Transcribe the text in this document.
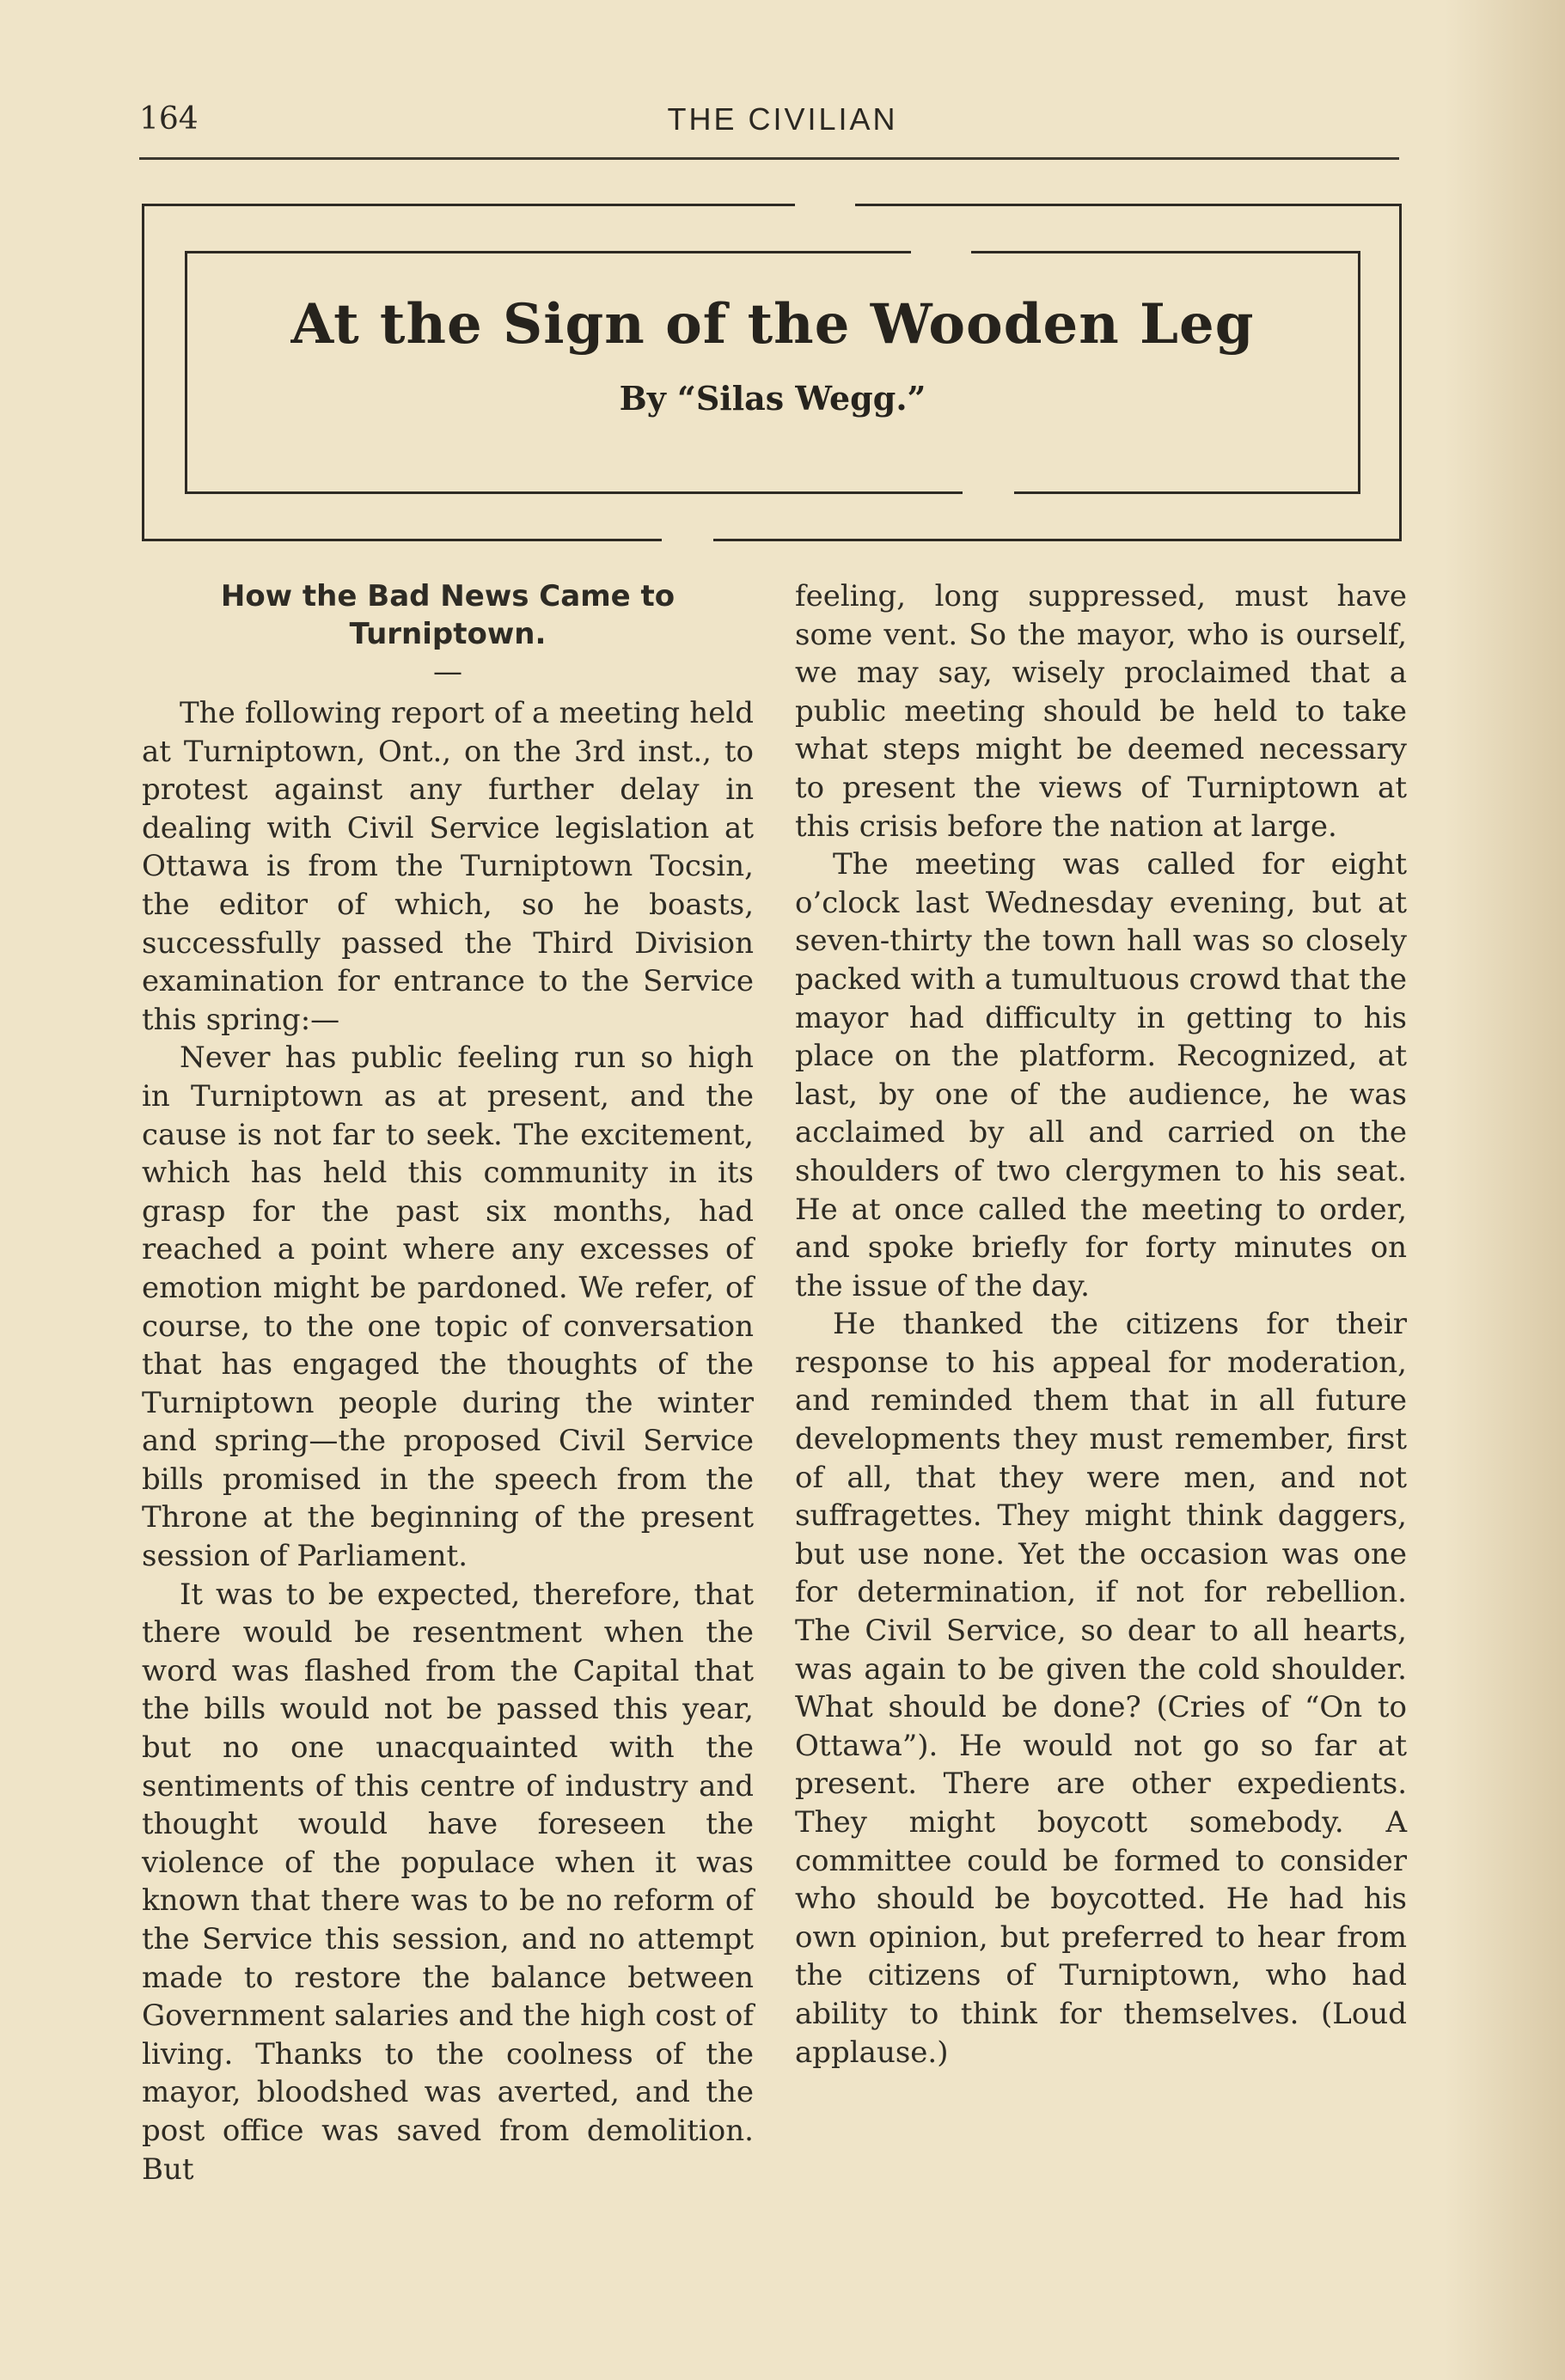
164	THE CIVILIAN
At the Sign of the Wooden Leg
By “Silas Wegg.”
How the Bad News Came to Turniptown.
—

The following report of a meeting held at Turniptown, Ont., on the 3rd inst., to protest against any further delay in dealing with Civil Service legislation at Ottawa is from the Turniptown Tocsin, the editor of which, so he boasts, successfully passed the Third Division examination for entrance to the Service this spring:—

Never has public feeling run so high in Turniptown as at present, and the cause is not far to seek. The excitement, which has held this community in its grasp for the past six months, had reached a point where any excesses of emotion might be pardoned. We refer, of course, to the one topic of conversation that has engaged the thoughts of the Turniptown people during the winter and spring—the proposed Civil Service bills promised in the speech from the Throne at the beginning of the present session of Parliament.

It was to be expected, therefore, that there would be resentment when the word was flashed from the Capital that the bills would not be passed this year, but no one unacquainted with the sentiments of this centre of industry and thought would have foreseen the violence of the populace when it was known that there was to be no reform of the Service this session, and no attempt made to restore the balance between Government salaries and the high cost of living. Thanks to the coolness of the mayor, bloodshed was averted, and the post office was saved from demolition. But

feeling, long suppressed, must have some vent. So the mayor, who is ourself, we may say, wisely proclaimed that a public meeting should be held to take what steps might be deemed necessary to present the views of Turniptown at this crisis before the nation at large.

The meeting was called for eight o’clock last Wednesday evening, but at seven-thirty the town hall was so closely packed with a tumultuous crowd that the mayor had difficulty in getting to his place on the platform. Recognized, at last, by one of the audience, he was acclaimed by all and carried on the shoulders of two clergymen to his seat. He at once called the meeting to order, and spoke briefly for forty minutes on the issue of the day.

He thanked the citizens for their response to his appeal for moderation, and reminded them that in all future developments they must remember, first of all, that they were men, and not suffragettes. They might think daggers, but use none. Yet the occasion was one for determination, if not for rebellion. The Civil Service, so dear to all hearts, was again to be given the cold shoulder. What should be done? (Cries of “On to Ottawa”). He would not go so far at present. There are other expedients. They might boycott somebody. A committee could be formed to consider who should be boycotted. He had his own opinion, but preferred to hear from the citizens of Turniptown, who had ability to think for themselves. (Loud applause.)
